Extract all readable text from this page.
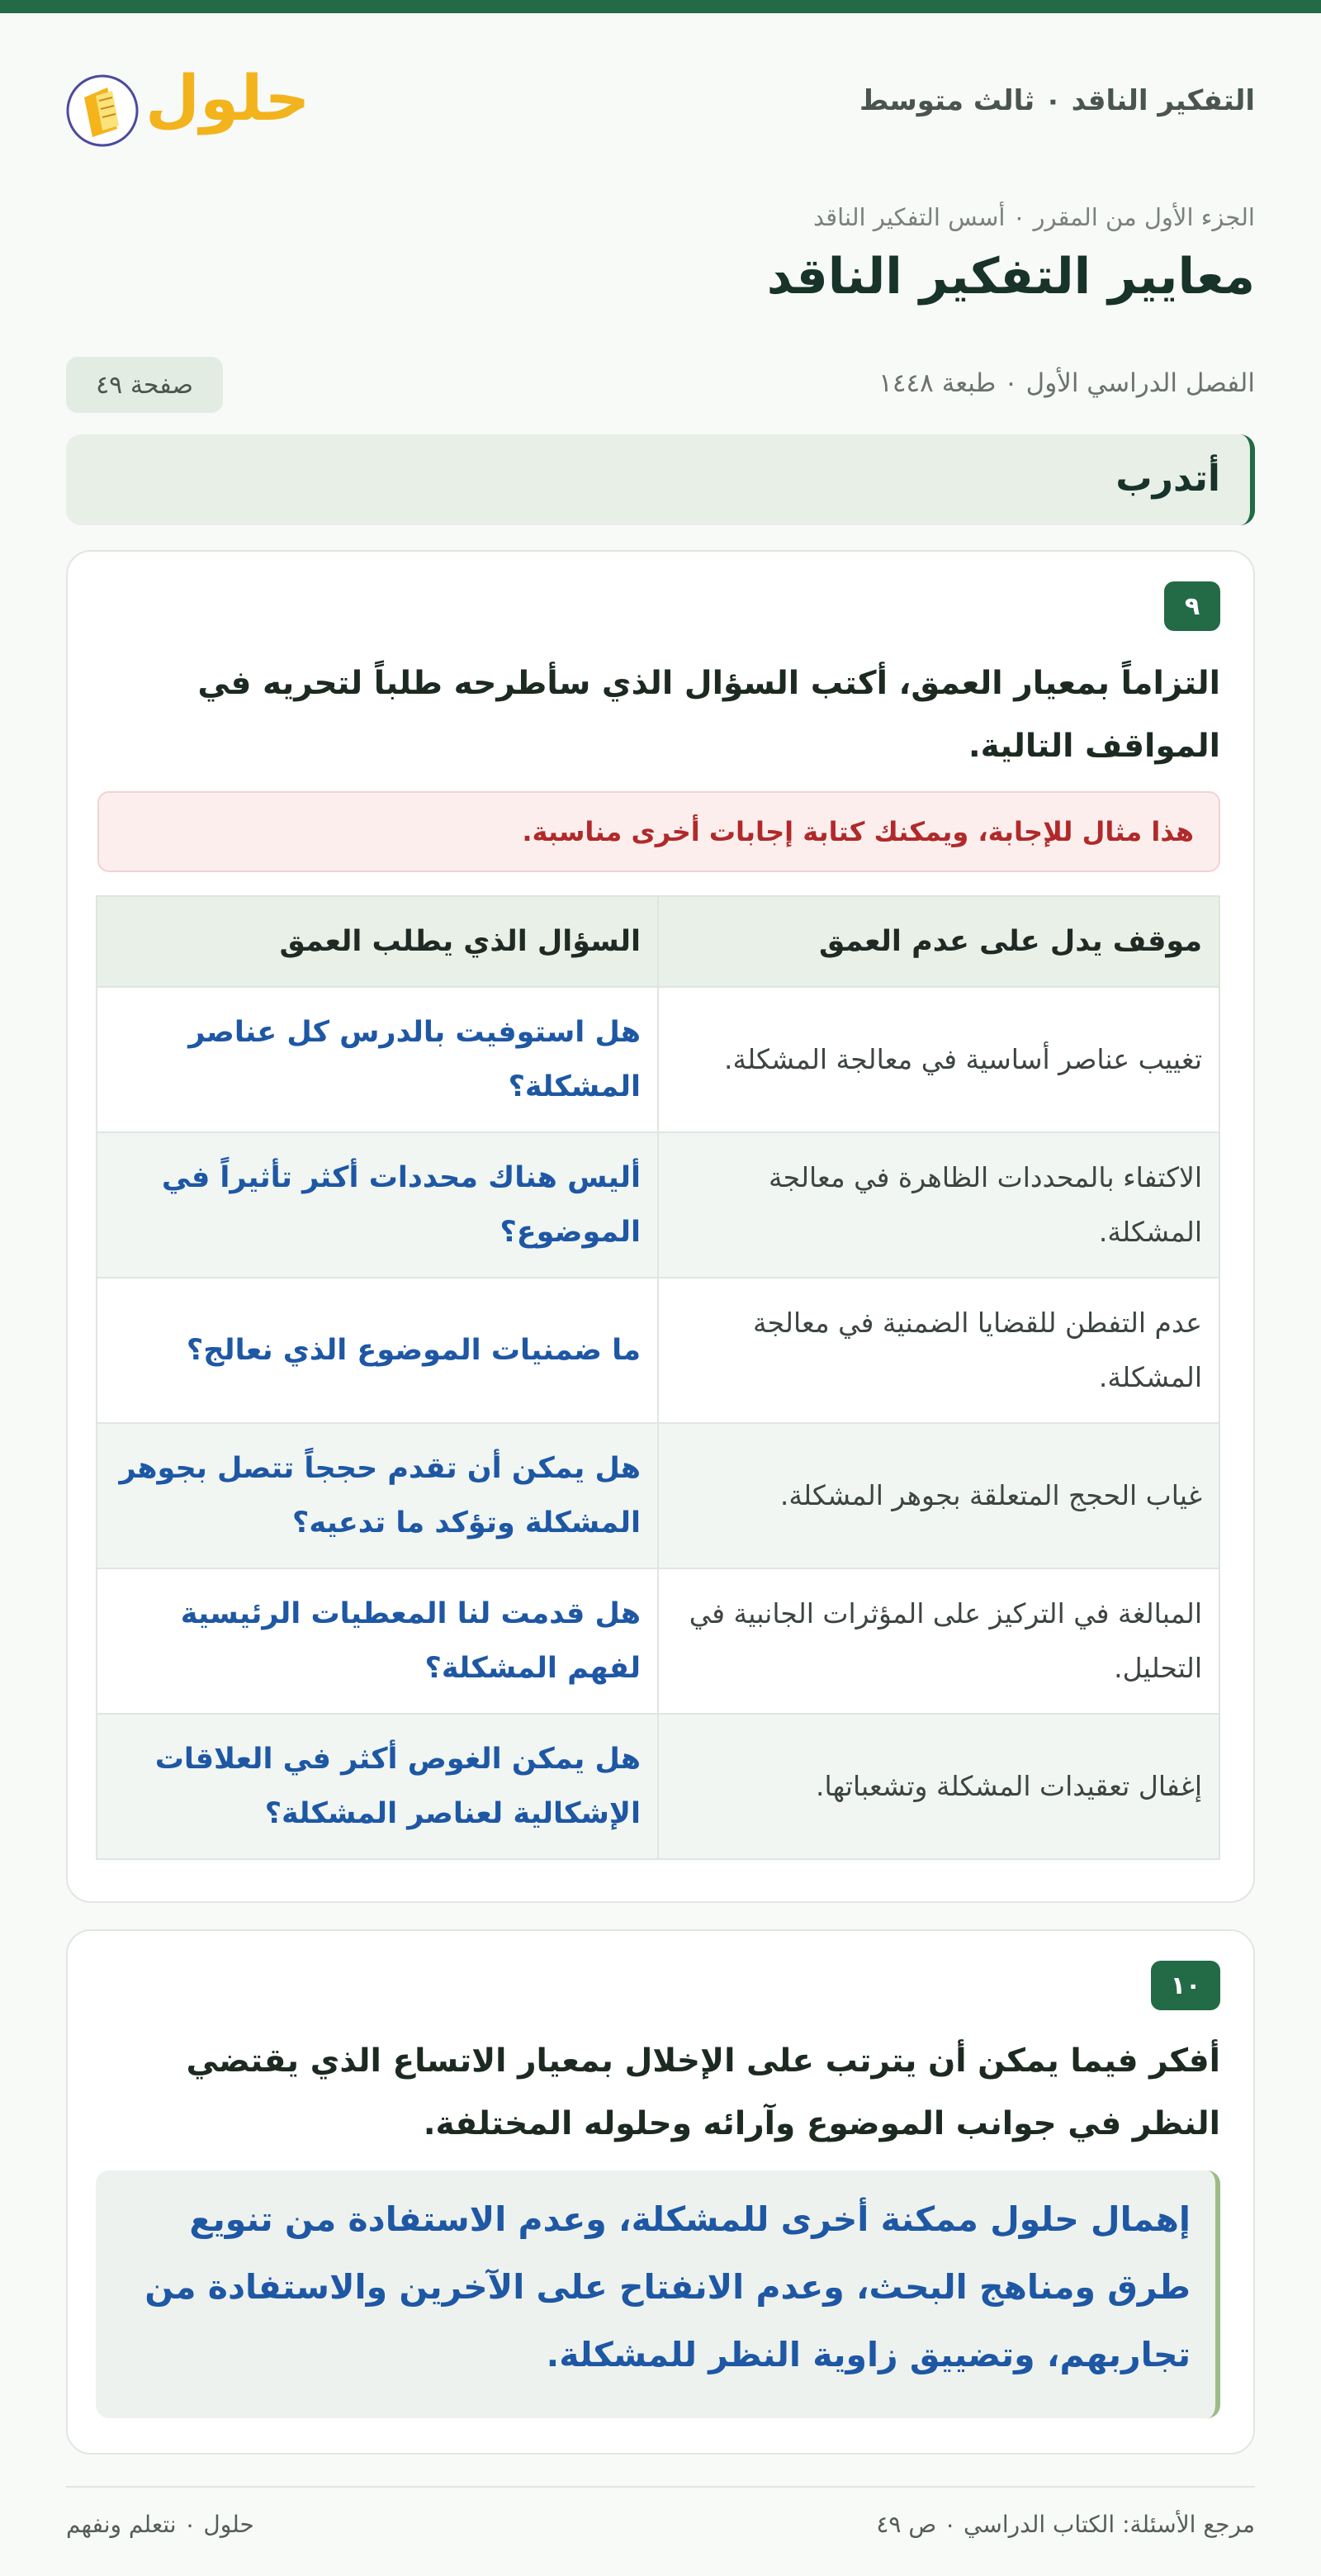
التفكير الناقد ٠ ثالث متوسط
حلول
الجزء الأول من المقرر ٠ أسس التفكير الناقد
معايير التفكير الناقد
الفصل الدراسي الأول ٠ طبعة ١٤٤٨
صفحة ٤٩
أتدرب
٩

التزاماً بمعيار العمق، أكتب السؤال الذي سأطرحه طلباً لتحريه في المواقف التالية.

هذا مثال للإجابة، ويمكنك كتابة إجابات أخرى مناسبة.
موقف يدل على عدم العمق	السؤال الذي يطلب العمق
تغييب عناصر أساسية في معالجة المشكلة.	هل استوفيت بالدرس كل عناصر المشكلة؟
الاكتفاء بالمحددات الظاهرة في معالجة المشكلة.	أليس هناك محددات أكثر تأثيراً في الموضوع؟
عدم التفطن للقضايا الضمنية في معالجة المشكلة.	ما ضمنيات الموضوع الذي نعالج؟
غياب الحجج المتعلقة بجوهر المشكلة.	هل يمكن أن تقدم حججاً تتصل بجوهر المشكلة وتؤكد ما تدعيه؟
المبالغة في التركيز على المؤثرات الجانبية في التحليل.	هل قدمت لنا المعطيات الرئيسية لفهم المشكلة؟
إغفال تعقيدات المشكلة وتشعباتها.	هل يمكن الغوص أكثر في العلاقات الإشكالية لعناصر المشكلة؟
١٠

أفكر فيما يمكن أن يترتب على الإخلال بمعيار الاتساع الذي يقتضي النظر في جوانب الموضوع وآرائه وحلوله المختلفة.

إهمال حلول ممكنة أخرى للمشكلة، وعدم الاستفادة من تنويع طرق ومناهج البحث، وعدم الانفتاح على الآخرين والاستفادة من تجاربهم، وتضييق زاوية النظر للمشكلة.
مرجع الأسئلة: الكتاب الدراسي ٠ ص ٤٩
حلول ٠ نتعلم ونفهم
